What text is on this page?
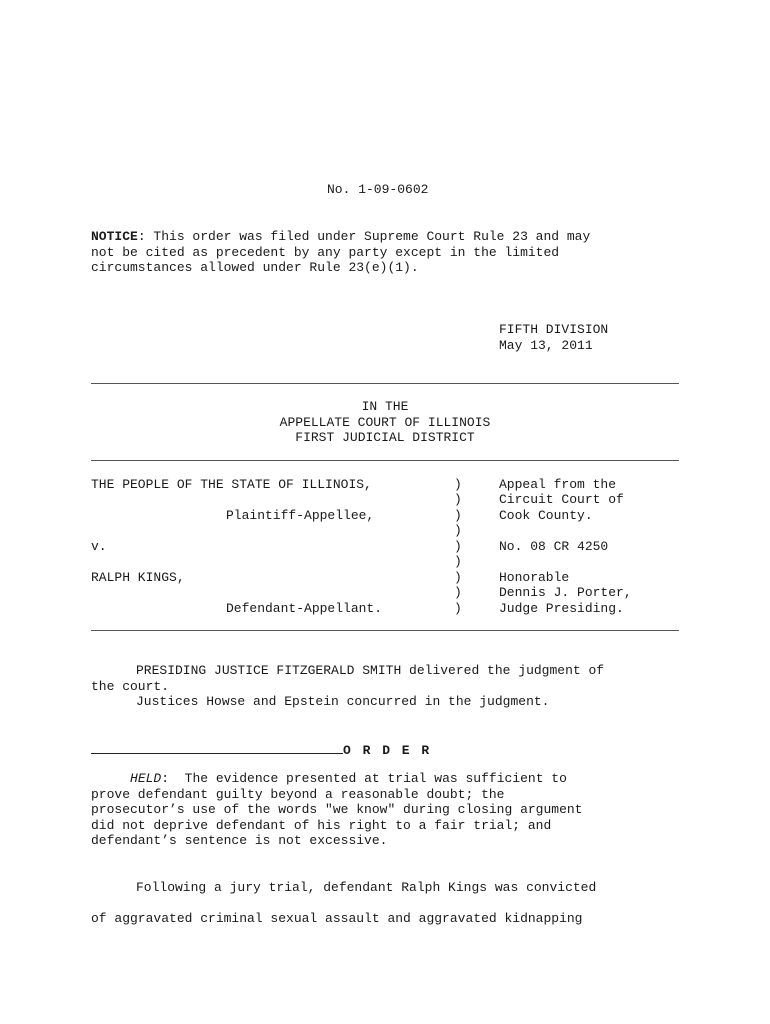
No. 1-09-0602
NOTICE: This order was filed under Supreme Court Rule 23 and may
not be cited as precedent by any party except in the limited
circumstances allowed under Rule 23(e)(1).
FIFTH DIVISION
May 13, 2011
IN THE
APPELLATE COURT OF ILLINOIS
FIRST JUDICIAL DISTRICT
THE PEOPLE OF THE STATE OF ILLINOIS,
Plaintiff-Appellee,
v.
RALPH KINGS,
Defendant-Appellant.
)
)
)
)
)
)
)
)
)
Appeal from the
Circuit Court of
Cook County.
No. 08 CR 4250
Honorable
Dennis J. Porter,
Judge Presiding.
PRESIDING JUSTICE FITZGERALD SMITH delivered the judgment of
the court.
Justices Howse and Epstein concurred in the judgment.
O R D E R
HELD:  The evidence presented at trial was sufficient to
prove defendant guilty beyond a reasonable doubt; the
prosecutor’s use of the words "we know" during closing argument
did not deprive defendant of his right to a fair trial; and
defendant’s sentence is not excessive.
Following a jury trial, defendant Ralph Kings was convicted
of aggravated criminal sexual assault and aggravated kidnapping
